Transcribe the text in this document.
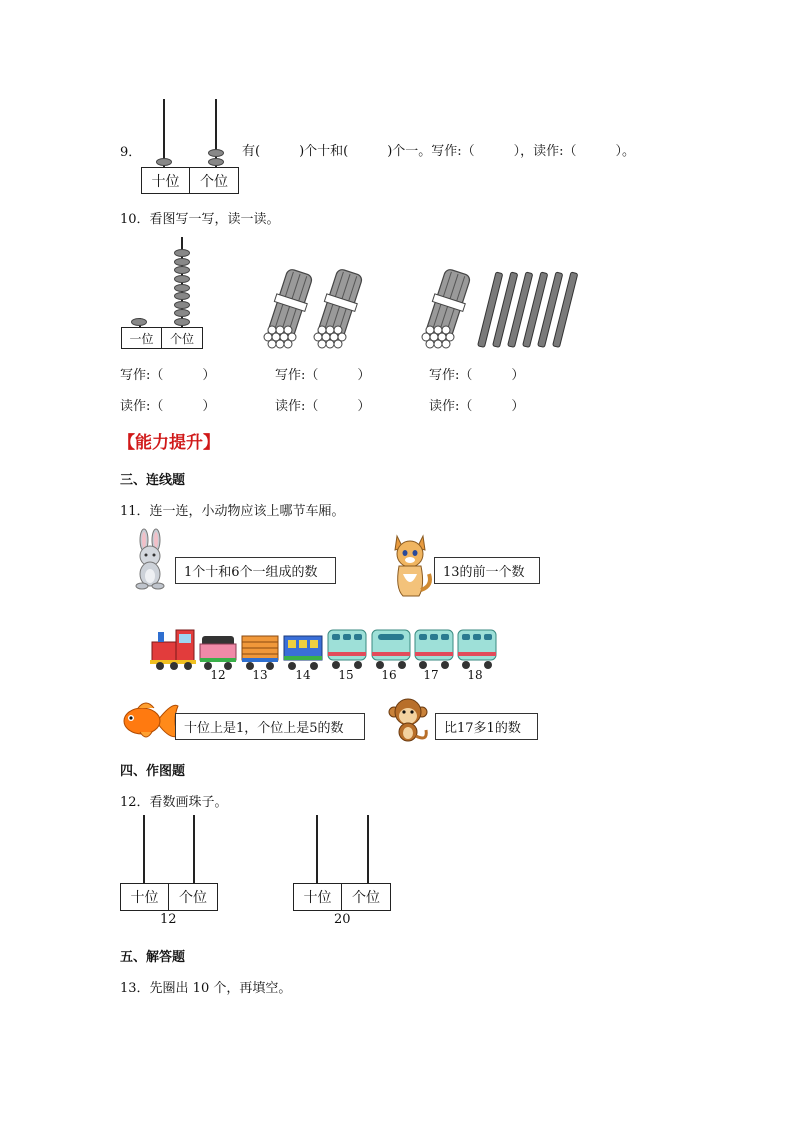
9．
十位	个位
有(　　　)个十和(　　　)个一。写作:（　　　），读作:（　　　）。
10．看图写一写，读一读。
一位	个位
写作:（　　　）	写作:（　　　）	写作:（　　　）
读作:（　　　）	读作:（　　　）	读作:（　　　）
【能力提升】
三、连线题
11．连一连，小动物应该上哪节车厢。
1个十和6个一组成的数	13的前一个数
12	13	14	15	16	17	18
十位上是1，个位上是5的数	比17多1的数
四、作图题
12．看数画珠子。
十位	个位
12
十位	个位
20
五、解答题
13．先圈出 10 个，再填空。
